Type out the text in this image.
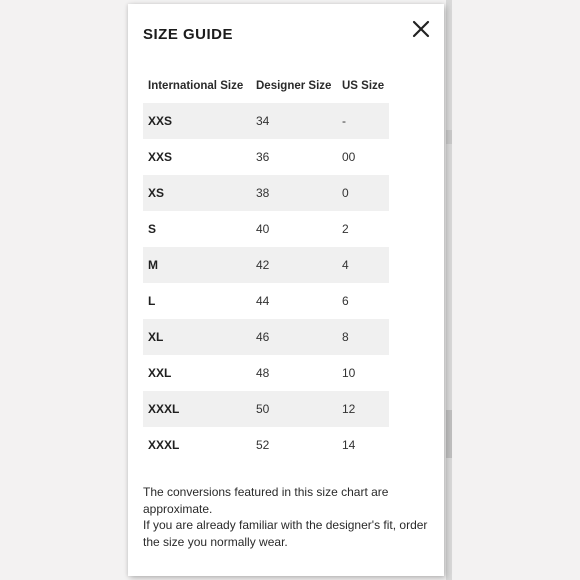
SIZE GUIDE
International Size	Designer Size	US Size
XXS	34	-
XXS	36	00
XS	38	0
S	40	2
M	42	4
L	44	6
XL	46	8
XXL	48	10
XXXL	50	12
XXXL	52	14

The conversions featured in this size chart are approximate.

If you are already familiar with the designer's fit, order the size you normally wear.
